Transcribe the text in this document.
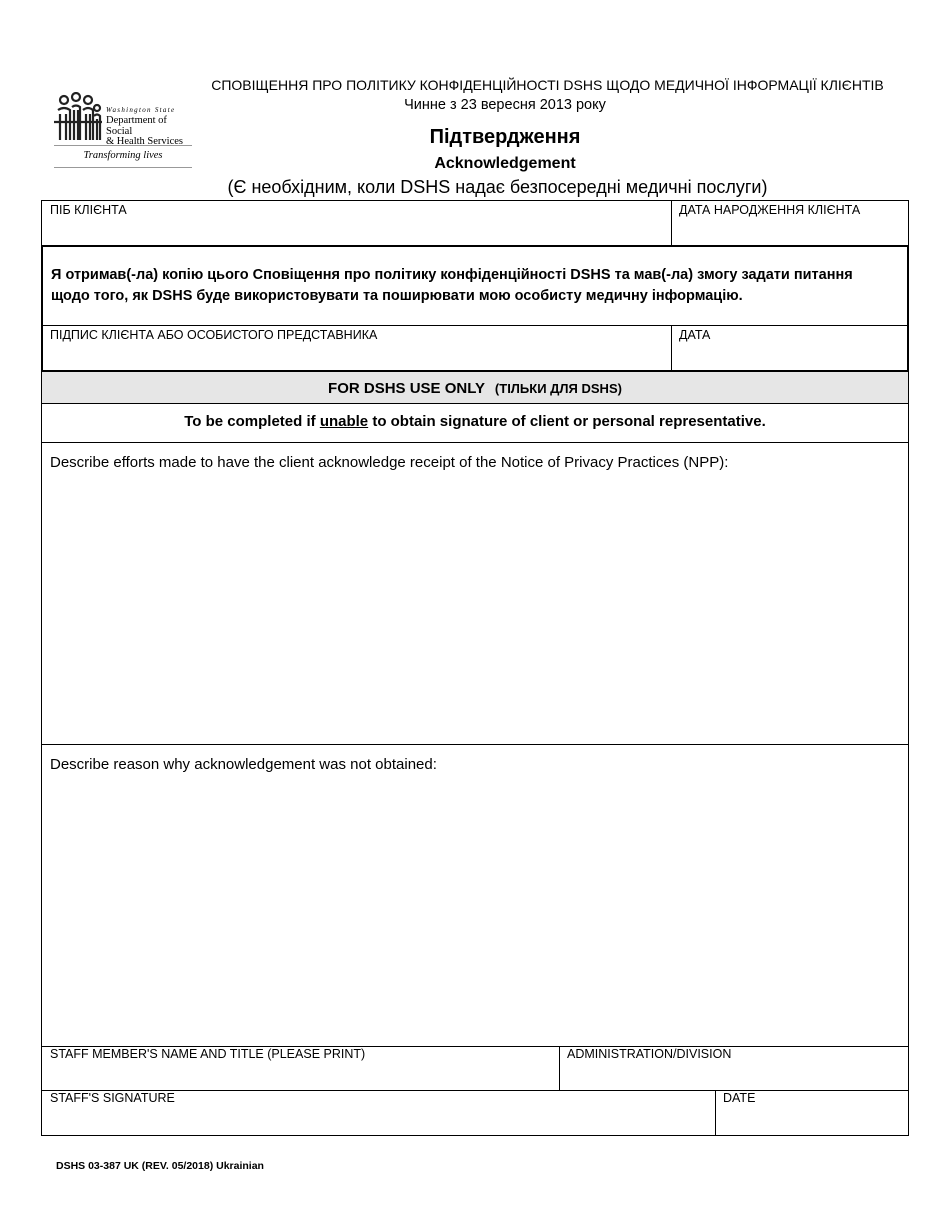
Washington State
Department of Social
& Health Services
Transforming lives
СПОВІЩЕННЯ ПРО ПОЛІТИКУ КОНФІДЕНЦІЙНОСТІ DSHS ЩОДО МЕДИЧНОЇ ІНФОРМАЦІЇ КЛІЄНТІВ
Чинне з 23 вересня 2013 року
Підтвердження
Acknowledgement
(Є необхідним, коли DSHS надає безпосередні медичні послуги)
ПІБ КЛІЄНТА	ДАТА НАРОДЖЕННЯ КЛІЄНТА
Я отримав(-ла) копію цього Сповіщення про політику конфіденційності DSHS та мав(-ла) змогу задати питання щодо того, як DSHS буде використовувати та поширювати мою особисту медичну інформацію.
ПІДПИС КЛІЄНТА АБО ОСОБИСТОГО ПРЕДСТАВНИКА	ДАТА
FOR DSHS USE ONLY (ТІЛЬКИ ДЛЯ DSHS)
To be completed if unable to obtain signature of client or personal representative.
Describe efforts made to have the client acknowledge receipt of the Notice of Privacy Practices (NPP):
Describe reason why acknowledgement was not obtained:
STAFF MEMBER'S NAME AND TITLE (PLEASE PRINT)	ADMINISTRATION/DIVISION
STAFF'S SIGNATURE	DATE
DSHS 03-387 UK (REV. 05/2018) Ukrainian
